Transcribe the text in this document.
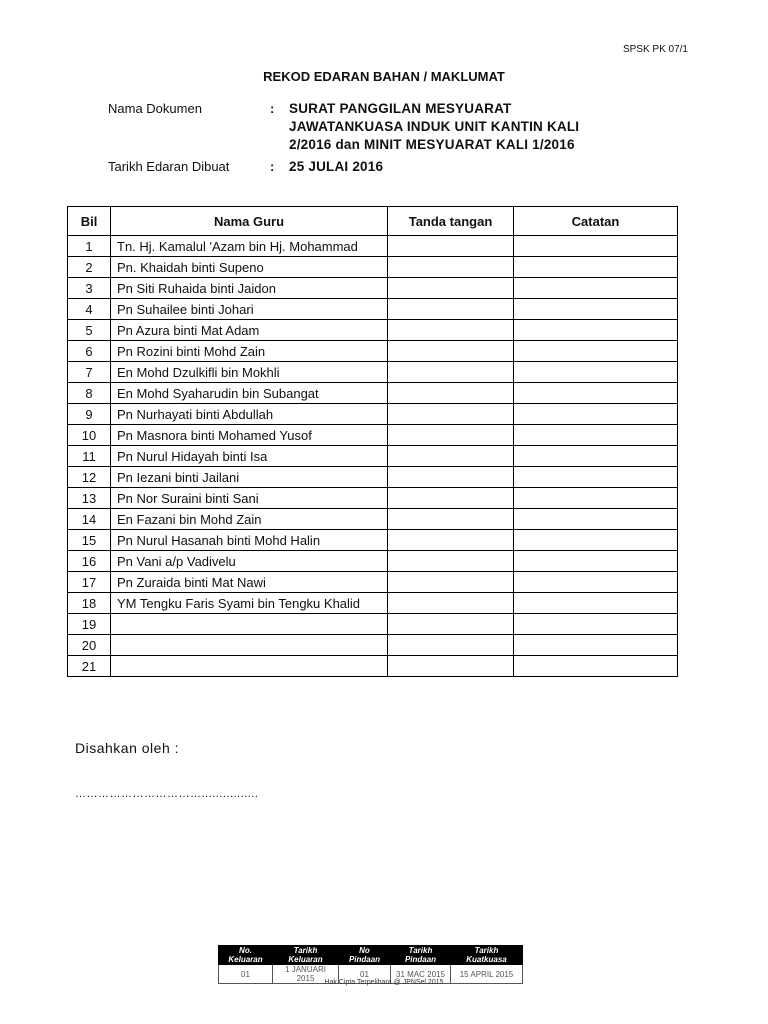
SPSK PK 07/1
REKOD EDARAN BAHAN / MAKLUMAT
Nama Dokumen	: SURAT PANGGILAN MESYUARAT
JAWATANKUASA INDUK UNIT KANTIN KALI
2/2016 dan MINIT MESYUARAT KALI 1/2016
Tarikh Edaran Dibuat	: 25 JULAI 2016
Bil	Nama Guru	Tanda tangan	Catatan
1	Tn. Hj. Kamalul 'Azam bin Hj. Mohammad		
2	Pn. Khaidah binti Supeno		
3	Pn Siti Ruhaida binti Jaidon		
4	Pn Suhailee binti Johari		
5	Pn Azura binti Mat Adam		
6	Pn Rozini binti Mohd Zain		
7	En Mohd Dzulkifli bin Mokhli		
8	En Mohd Syaharudin bin Subangat		
9	Pn Nurhayati binti Abdullah		
10	Pn Masnora binti Mohamed Yusof		
11	Pn Nurul Hidayah binti Isa		
12	Pn Iezani binti Jailani		
13	Pn Nor Suraini binti Sani		
14	En Fazani bin Mohd Zain		
15	Pn Nurul Hasanah binti Mohd Halin		
16	Pn Vani a/p Vadivelu		
17	Pn Zuraida binti Mat Nawi		
18	YM Tengku Faris Syami bin Tengku Khalid		
19			
20			
21			
Disahkan oleh :
……………………………................
No. Keluaran	Tarikh Keluaran	No Pindaan	Tarikh Pindaan	Tarikh Kuatkuasa
01	1 JANUARI 2015	01	31 MAC 2015	15 APRIL 2015
Hak Cipta Terpelihara @ JPNSel 2015
